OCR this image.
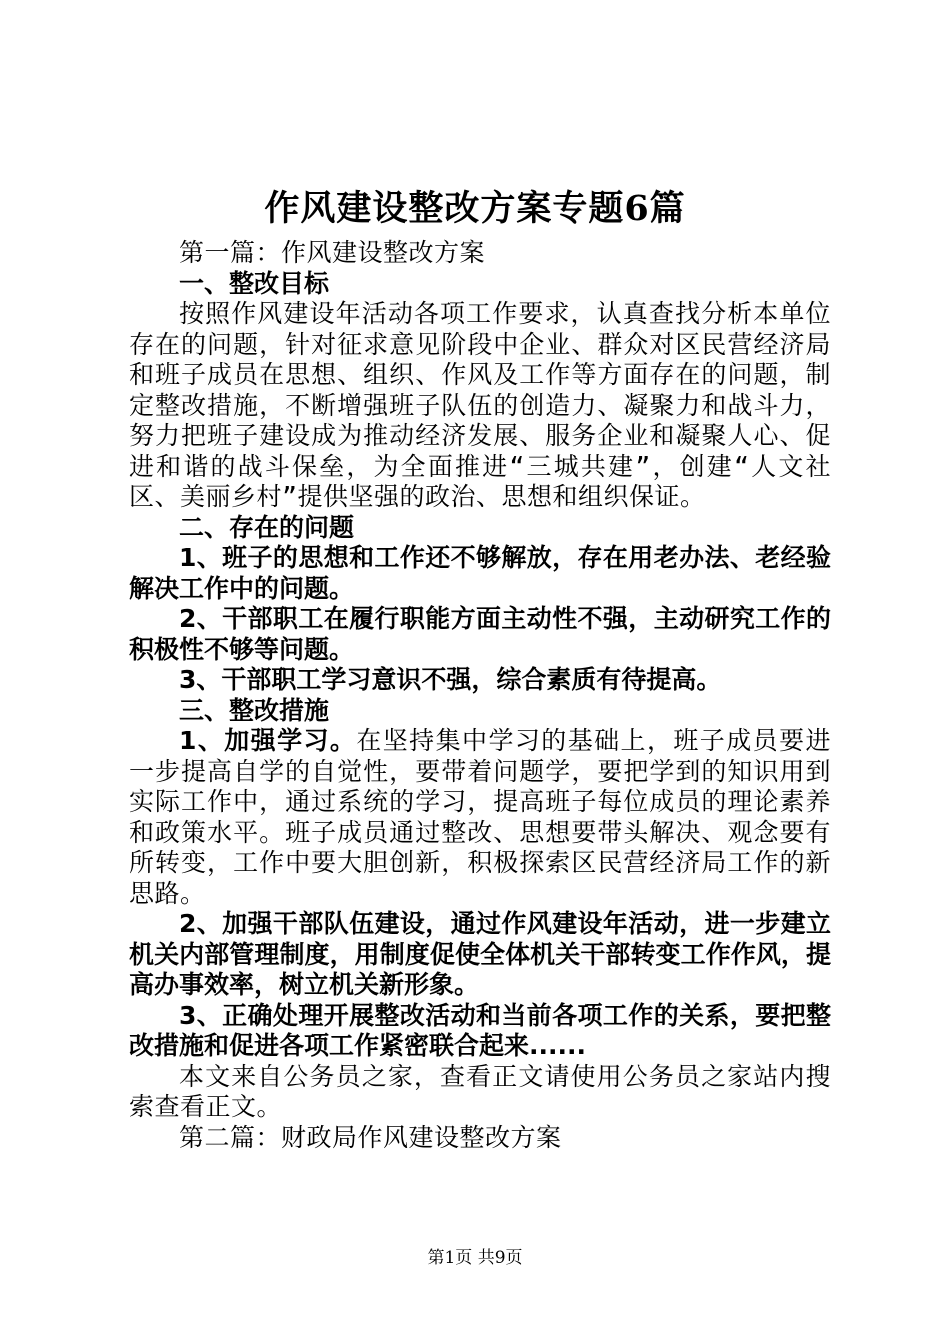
作风建设整改方案专题6篇

第一篇：作风建设整改方案

一、整改目标

按照作风建设年活动各项工作要求，认真查找分析本单位存在的问题，针对征求意见阶段中企业、群众对区民营经济局和班子成员在思想、组织、作风及工作等方面存在的问题，制定整改措施，不断增强班子队伍的创造力、凝聚力和战斗力，努力把班子建设成为推动经济发展、服务企业和凝聚人心、促进和谐的战斗保垒，为全面推进“三城共建”，创建“人文社区、美丽乡村”提供坚强的政治、思想和组织保证。

二、存在的问题

1、班子的思想和工作还不够解放，存在用老办法、老经验解决工作中的问题。

2、干部职工在履行职能方面主动性不强，主动研究工作的积极性不够等问题。

3、干部职工学习意识不强，综合素质有待提高。

三、整改措施

1、加强学习。在坚持集中学习的基础上，班子成员要进一步提高自学的自觉性，要带着问题学，要把学到的知识用到实际工作中，通过系统的学习，提高班子每位成员的理论素养和政策水平。班子成员通过整改、思想要带头解决、观念要有所转变，工作中要大胆创新，积极探索区民营经济局工作的新思路。

2、加强干部队伍建设，通过作风建设年活动，进一步建立机关内部管理制度，用制度促使全体机关干部转变工作作风，提高办事效率，树立机关新形象。

3、正确处理开展整改活动和当前各项工作的关系，要把整改措施和促进各项工作紧密联合起来......

本文来自公务员之家，查看正文请使用公务员之家站内搜索查看正文。

第二篇：财政局作风建设整改方案

第1页 共9页
